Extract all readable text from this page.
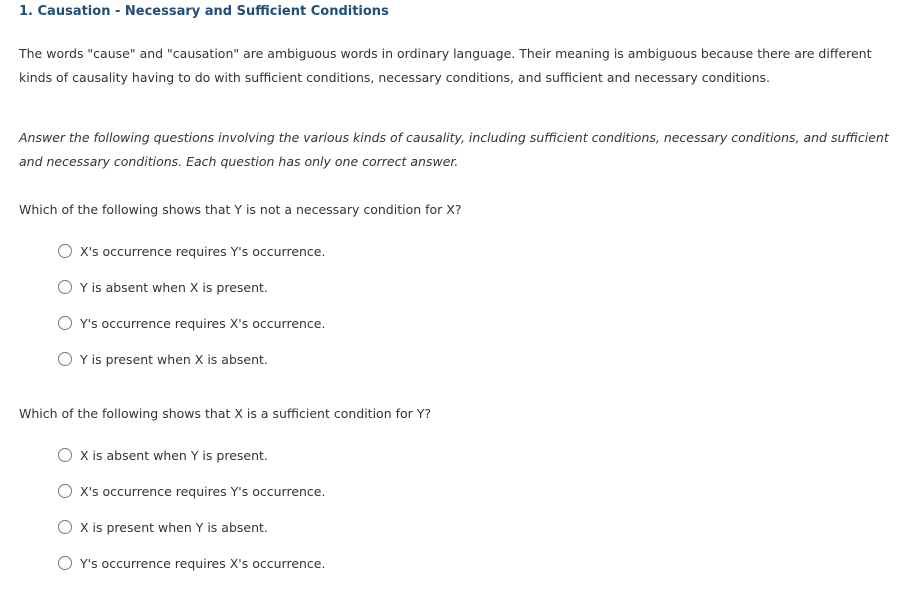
1. Causation - Necessary and Sufficient Conditions
The words "cause" and "causation" are ambiguous words in ordinary language. Their meaning is ambiguous because there are different kinds of causality having to do with sufficient conditions, necessary conditions, and sufficient and necessary conditions.
Answer the following questions involving the various kinds of causality, including sufficient conditions, necessary conditions, and sufficient and necessary conditions. Each question has only one correct answer.
Which of the following shows that Y is not a necessary condition for X?
X's occurrence requires Y's occurrence.
Y is absent when X is present.
Y's occurrence requires X's occurrence.
Y is present when X is absent.
Which of the following shows that X is a sufficient condition for Y?
X is absent when Y is present.
X's occurrence requires Y's occurrence.
X is present when Y is absent.
Y's occurrence requires X's occurrence.
